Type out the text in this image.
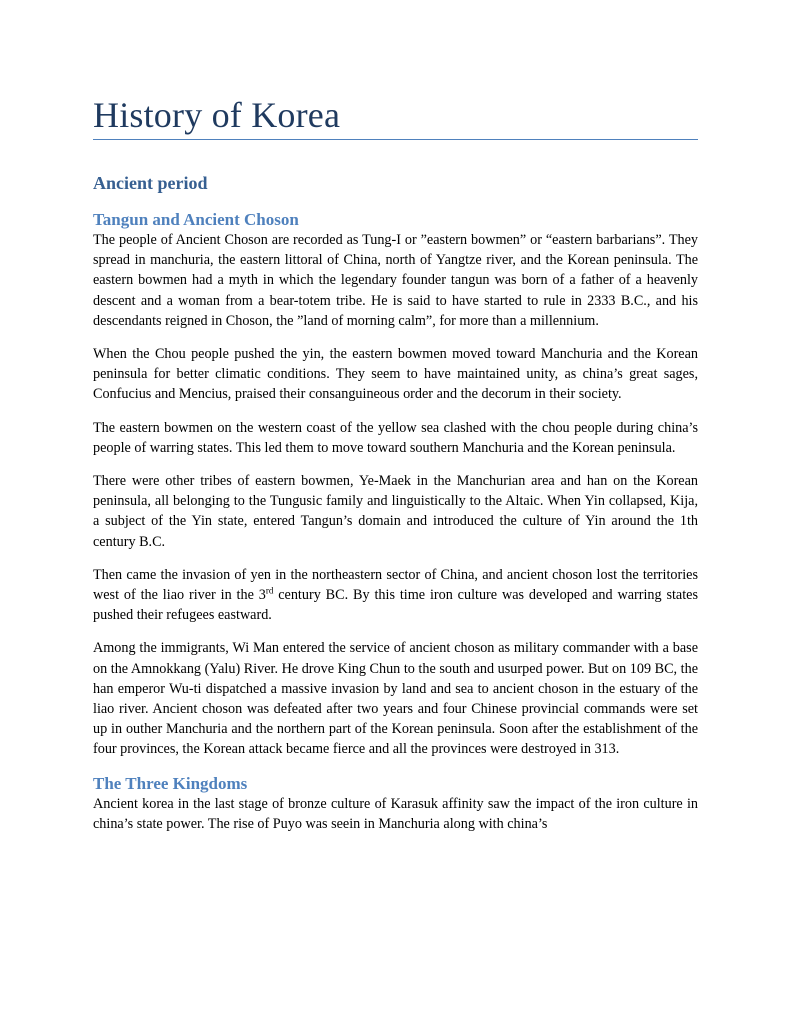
History of Korea
Ancient period
Tangun and Ancient Choson

The people of Ancient Choson are recorded as Tung-I or ”eastern bowmen” or “eastern barbarians”. They spread in manchuria, the eastern littoral of China, north of Yangtze river, and the Korean peninsula. The eastern bowmen had a myth in which the legendary founder tangun was born of a father of a heavenly descent and a woman from a bear-totem tribe. He is said to have started to rule in 2333 B.C., and his descendants reigned in Choson, the ”land of morning calm”, for more than a millennium.

When the Chou people pushed the yin, the eastern bowmen moved toward Manchuria and the Korean peninsula for better climatic conditions. They seem to have maintained unity, as china’s great sages, Confucius and Mencius, praised their consanguineous order and the decorum in their society.

The eastern bowmen on the western coast of the yellow sea clashed with the chou people during china’s people of warring states. This led them to move toward southern Manchuria and the Korean peninsula.

There were other tribes of eastern bowmen, Ye-Maek in the Manchurian area and han on the Korean peninsula, all belonging to the Tungusic family and linguistically to the Altaic. When Yin collapsed, Kija, a subject of the Yin state, entered Tangun’s domain and introduced the culture of Yin around the 1th century B.C.

Then came the invasion of yen in the northeastern sector of China, and ancient choson lost the territories west of the liao river in the 3rd century BC. By this time iron culture was developed and warring states pushed their refugees eastward.

Among the immigrants, Wi Man entered the service of ancient choson as military commander with a base on the Amnokkang (Yalu) River. He drove King Chun to the south and usurped power. But on 109 BC, the han emperor Wu-ti dispatched a massive invasion by land and sea to ancient choson in the estuary of the liao river. Ancient choson was defeated after two years and four Chinese provincial commands were set up in outher Manchuria and the northern part of the Korean peninsula. Soon after the establishment of the four provinces, the Korean attack became fierce and all the provinces were destroyed in 313.

The Three Kingdoms

Ancient korea in the last stage of bronze culture of Karasuk affinity saw the impact of the iron culture in china’s state power. The rise of Puyo was seein in Manchuria along with china’s
